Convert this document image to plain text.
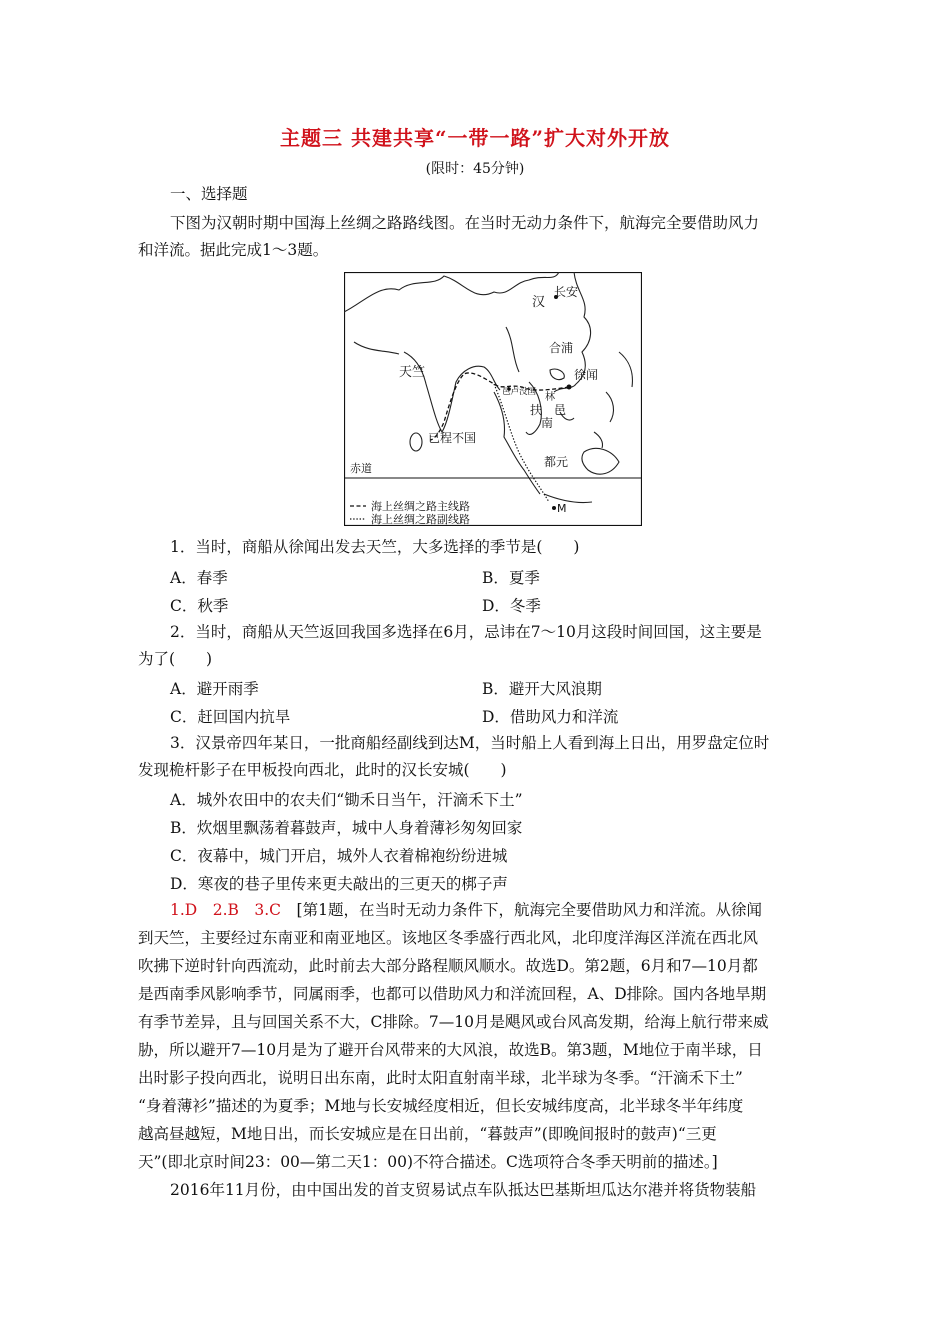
主题三 共建共享“一带一路”扩大对外开放
(限时：45分钟)
一、选择题
下图为汉朝时期中国海上丝绸之路路线图。在当时无动力条件下，航海完全要借助风力
和洋流。据此完成1～3题。
汉
长安
合浦
徐闻
天竺
邑卢没国 林
扶 邑
南
已程不国
赤道	都元
M
海上丝绸之路主线路
海上丝绸之路副线路
1．当时，商船从徐闻出发去天竺，大多选择的季节是(　　)
A．春季	B．夏季
C．秋季	D．冬季
2．当时，商船从天竺返回我国多选择在6月，忌讳在7～10月这段时间回国，这主要是
为了(　　)
A．避开雨季	B．避开大风浪期
C．赶回国内抗旱	D．借助风力和洋流
3．汉景帝四年某日，一批商船经副线到达M，当时船上人看到海上日出，用罗盘定位时
发现桅杆影子在甲板投向西北，此时的汉长安城(　　)
A．城外农田中的农夫们“锄禾日当午，汗滴禾下土”
B．炊烟里飘荡着暮鼓声，城中人身着薄衫匆匆回家
C．夜幕中，城门开启，城外人衣着棉袍纷纷进城
D．寒夜的巷子里传来更夫敲出的三更天的梆子声
1.D　2.B　3.C　[第1题，在当时无动力条件下，航海完全要借助风力和洋流。从徐闻
到天竺，主要经过东南亚和南亚地区。该地区冬季盛行西北风，北印度洋海区洋流在西北风
吹拂下逆时针向西流动，此时前去大部分路程顺风顺水。故选D。第2题，6月和7—10月都
是西南季风影响季节，同属雨季，也都可以借助风力和洋流回程，A、D排除。国内各地旱期
有季节差异，且与回国关系不大，C排除。7—10月是飓风或台风高发期，给海上航行带来威
胁，所以避开7—10月是为了避开台风带来的大风浪，故选B。第3题，M地位于南半球，日
出时影子投向西北，说明日出东南，此时太阳直射南半球，北半球为冬季。“汗滴禾下土”
“身着薄衫”描述的为夏季；M地与长安城经度相近，但长安城纬度高，北半球冬半年纬度
越高昼越短，M地日出，而长安城应是在日出前，“暮鼓声”(即晚间报时的鼓声)“三更
天”(即北京时间23：00—第二天1：00)不符合描述。C选项符合冬季天明前的描述。]
2016年11月份，由中国出发的首支贸易试点车队抵达巴基斯坦瓜达尔港并将货物装船
